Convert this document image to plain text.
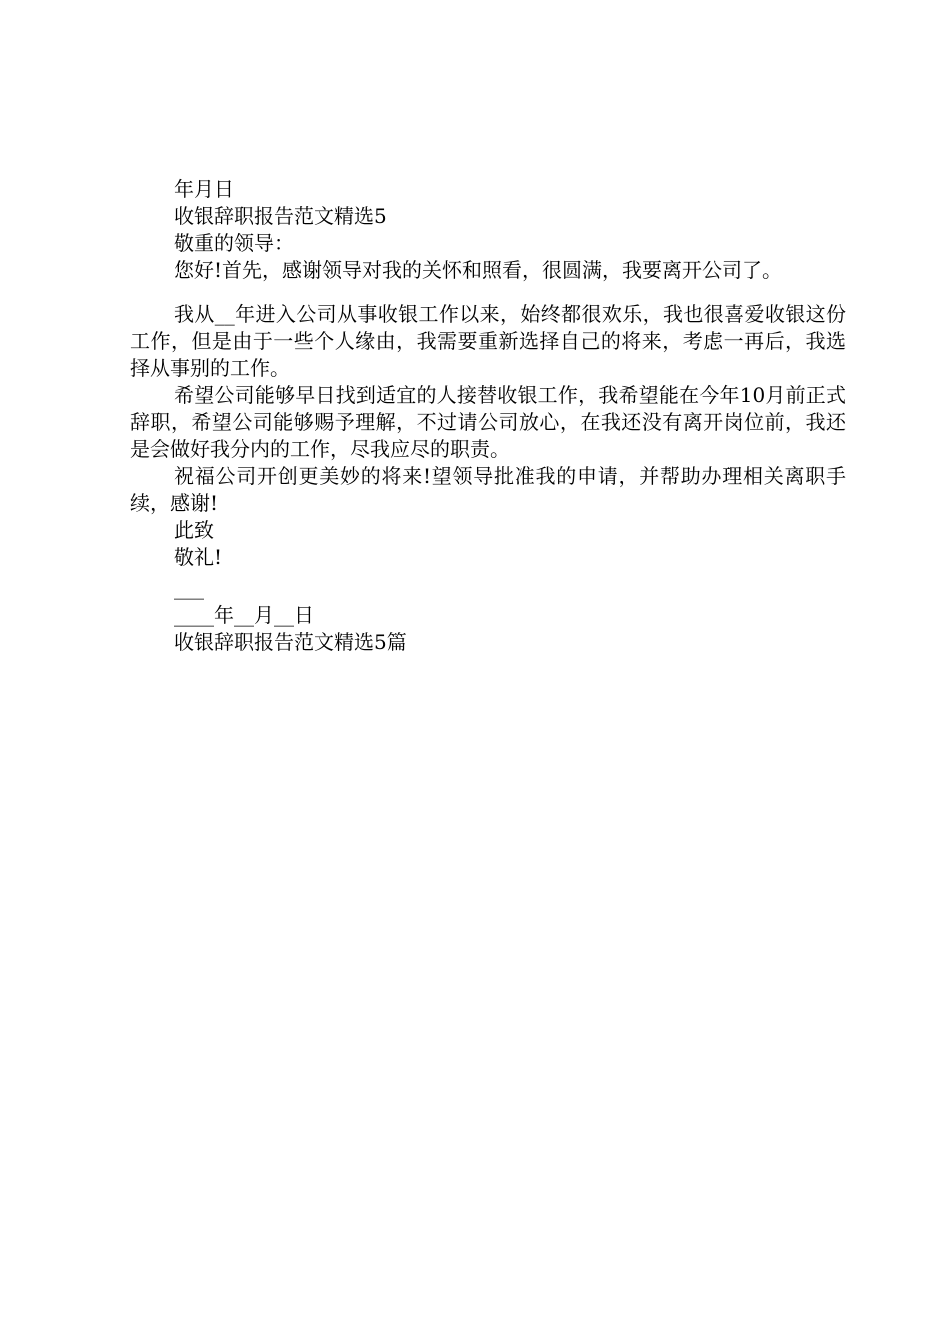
年月日
收银辞职报告范文精选5
敬重的领导：
您好!首先，感谢领导对我的关怀和照看，很圆满，我要离开公司了。
我从__年进入公司从事收银工作以来，始终都很欢乐，我也很喜爱收银这份工作，但是由于一些个人缘由，我需要重新选择自己的将来，考虑一再后，我选择从事别的工作。
希望公司能够早日找到适宜的人接替收银工作，我希望能在今年10月前正式辞职，希望公司能够赐予理解，不过请公司放心，在我还没有离开岗位前，我还是会做好我分内的工作，尽我应尽的职责。
祝福公司开创更美妙的将来!望领导批准我的申请，并帮助办理相关离职手续，感谢!
此致
敬礼!
___
____年__月__日
收银辞职报告范文精选5篇
